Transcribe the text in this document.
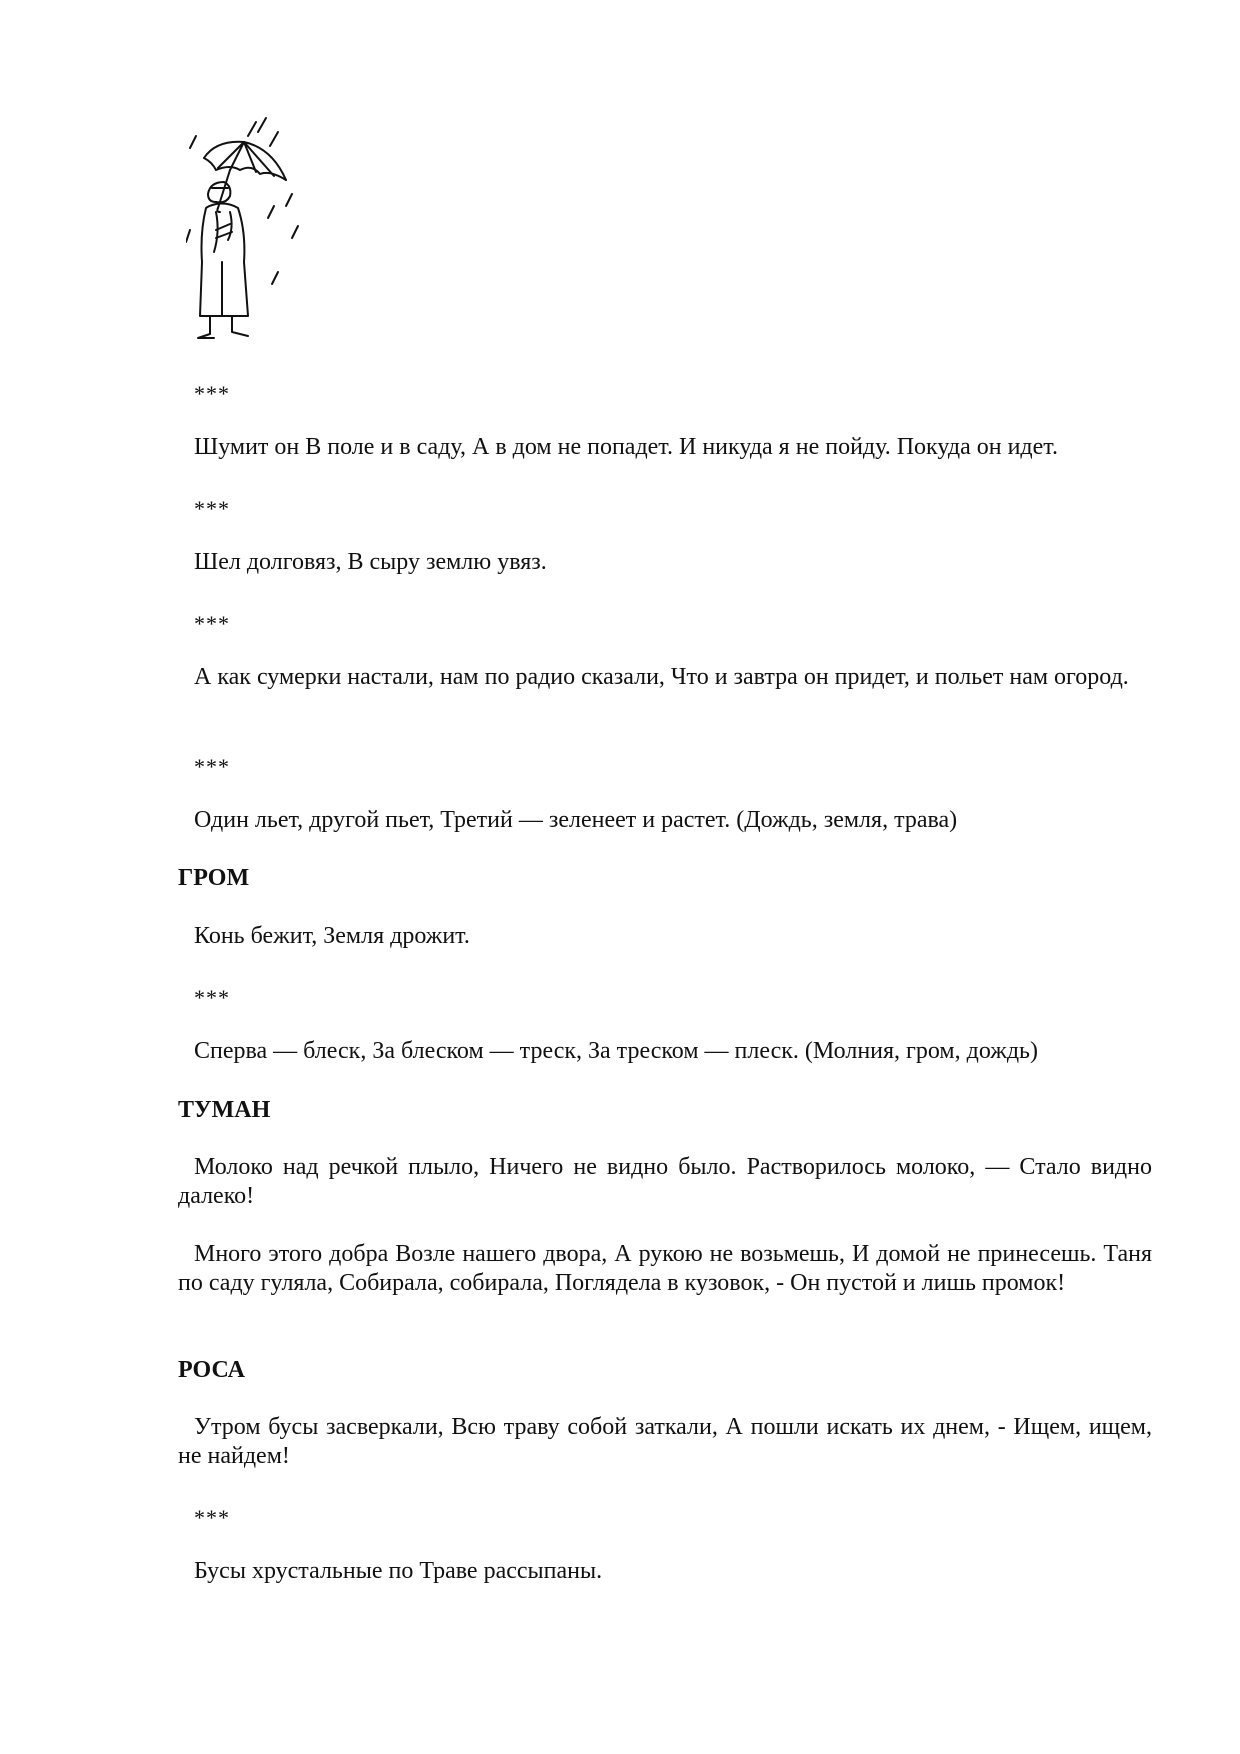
***

Шумит он В поле и в саду, А в дом не попадет. И никуда я не пойду. Покуда он идет.

***

Шел долговяз, В сыру землю увяз.

***

А как сумерки настали, нам по радио сказали, Что и завтра он придет, и польет нам огород.

***

Один льет, другой пьет, Третий — зеленеет и растет. (Дождь, земля, трава)

ГРОМ

Конь бежит, Земля дрожит.

***

Сперва — блеск, За блеском — треск, За треском — плеск. (Молния, гром, дождь)

ТУМАН

Молоко над речкой плыло, Ничего не видно было. Растворилось молоко, — Стало видно далеко!

Много этого добра Возле нашего двора, А рукою не возьмешь, И домой не принесешь. Таня по саду гуляла, Собирала, собирала, Поглядела в кузовок, - Он пустой и лишь промок!

РОСА

Утром бусы засверкали, Всю траву собой заткали, А пошли искать их днем, - Ищем, ищем, не найдем!

***

Бусы хрустальные по Траве рассыпаны.
